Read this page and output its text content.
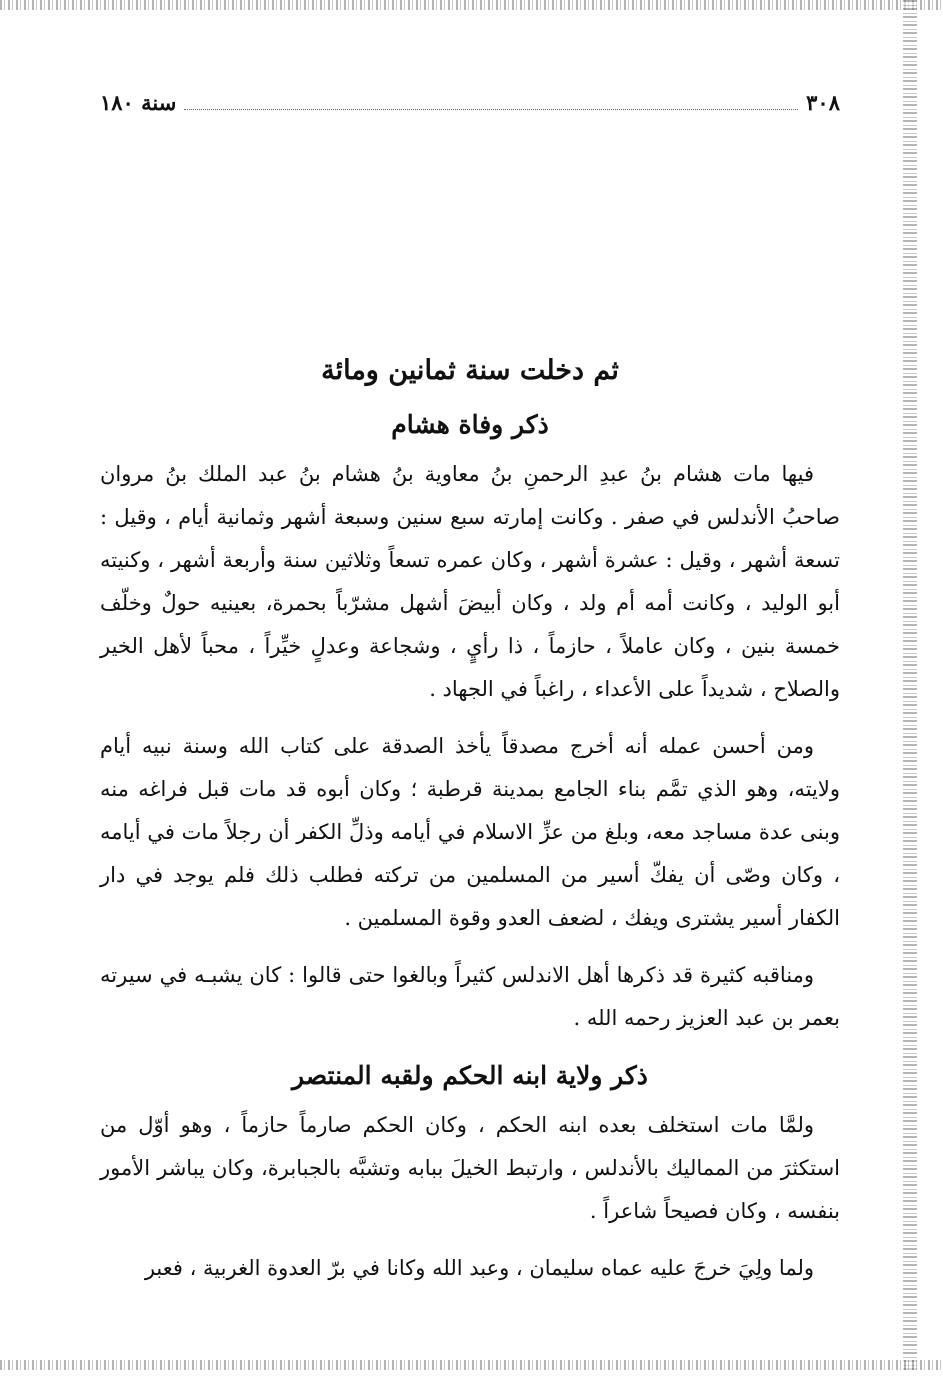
٣٠٨
سنة ١٨٠
ثم دخلت سنة ثمانين ومائة
ذكر وفاة هشام

فيها مات هشام بنُ عبدِ الرحمنِ بنُ معاوية بنُ هشام بنُ عبد الملك بنُ مروان صاحبُ الأندلس في صفر . وكانت إمارته سبع سنين وسبعة أشهر وثمانية أيام ، وقيل : تسعة أشهر ، وقيل : عشرة أشهر ، وكان عمره تسعاً وثلاثين سنة وأربعة أشهر ، وكنيته أبو الوليد ، وكانت أمه أم ولد ، وكان أبيضَ أشهل مشرّباً بحمرة، بعينيه حولٌ وخلّف خمسة بنين ، وكان عاملاً ، حازماً ، ذا رأيٍ ، وشجاعة وعدلٍ خيِّراً ، محباً لأهل الخير والصلاح ، شديداً على الأعداء ، راغباً في الجهاد .

ومن أحسن عمله أنه أخرج مصدقاً يأخذ الصدقة على كتاب الله وسنة نبيه أيام ولايته، وهو الذي تمَّم بناء الجامع بمدينة قرطبة ؛ وكان أبوه قد مات قبل فراغه منه وبنى عدة مساجد معه، وبلغ من عزِّ الاسلام في أيامه وذلِّ الكفر أن رجلاً مات في أيامه ، وكان وصّى أن يفكّ أسير من المسلمين من تركته فطلب ذلك فلم يوجد في دار الكفار أسير يشترى ويفك ، لضعف العدو وقوة المسلمين .

ومناقبه كثيرة قد ذكرها أهل الاندلس كثيراً وبالغوا حتى قالوا : كان يشبـه في سيرته بعمر بن عبد العزيز رحمه الله .

ذكر ولاية ابنه الحكم ولقبه المنتصر

ولمَّا مات استخلف بعده ابنه الحكم ، وكان الحكم صارماً حازماً ، وهو أوّل من استكثرَ من المماليك بالأندلس ، وارتبط الخيلَ ببابه وتشبَّه بالجبابرة، وكان يباشر الأمور بنفسه ، وكان فصيحاً شاعراً .

ولما ولِيَ خرجَ عليه عماه سليمان ، وعبد الله وكانا في برّ العدوة الغربية ، فعبر
